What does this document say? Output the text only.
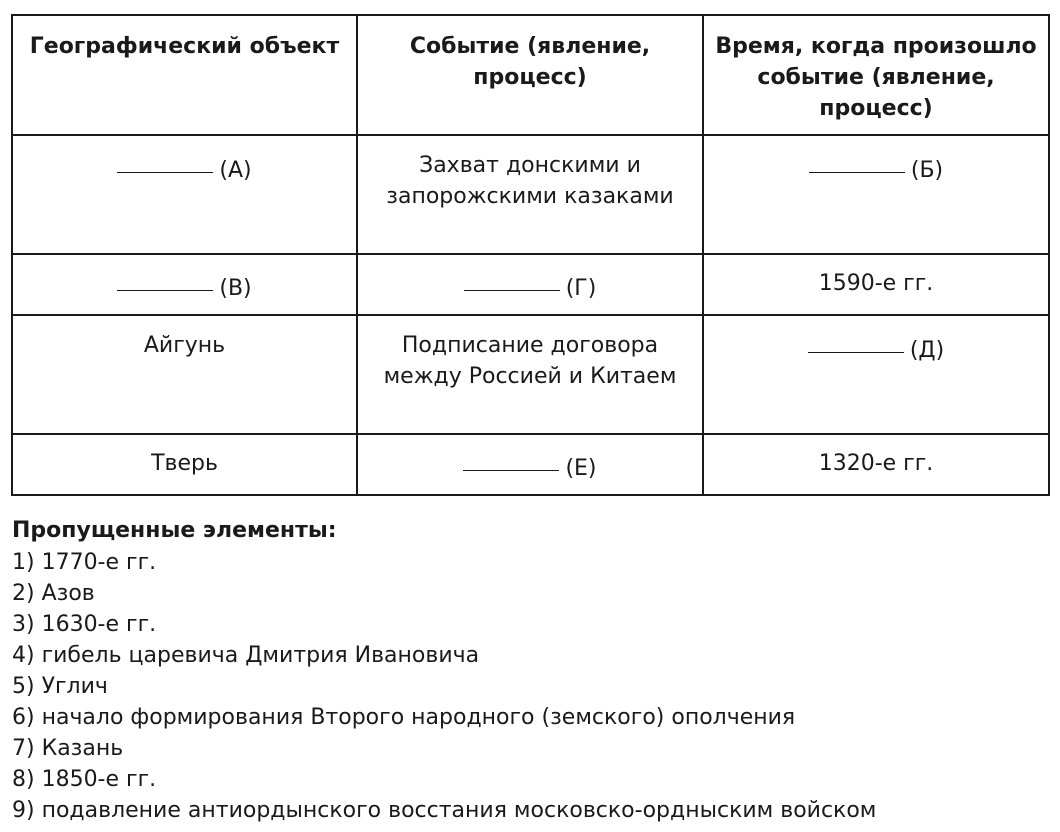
Географический объект	Событие (явление, процесс)	Время, когда произошло событие (явление, процесс)
(А)	Захват донскими и запорожскими казаками	(Б)
(В)	(Г)	1590-е гг.
Айгунь	Подписание договора между Россией и Китаем	(Д)
Тверь	(Е)	1320-е гг.

Пропущенные элементы:

1) 1770-е гг.
2) Азов
3) 1630-е гг.
4) гибель царевича Дмитрия Ивановича
5) Углич
6) начало формирования Второго народного (земского) ополчения
7) Казань
8) 1850-е гг.
9) подавление антиордынского восстания московско-ордныским войском
